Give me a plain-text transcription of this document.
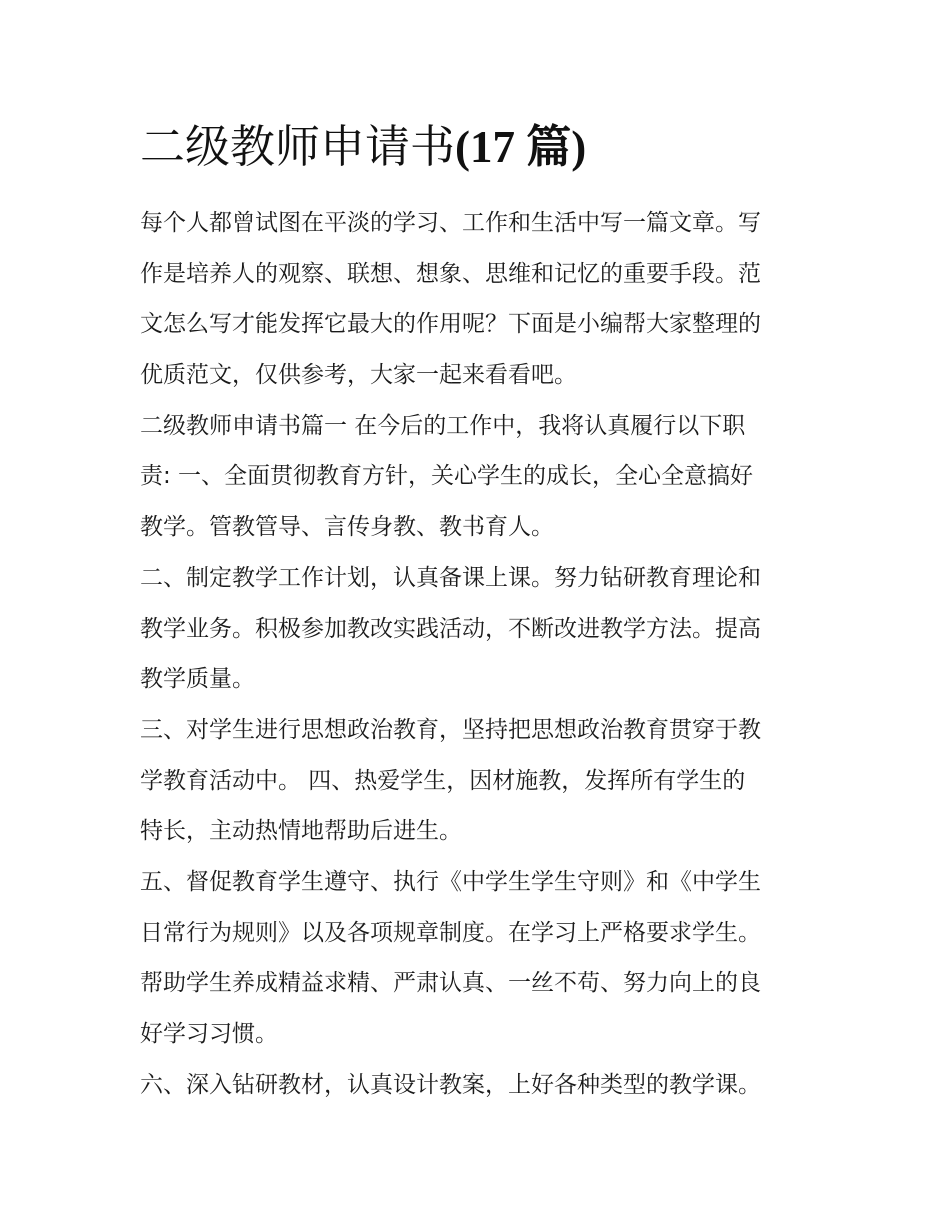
二级教师申请书(17 篇)

每个人都曾试图在平淡的学习、工作和生活中写一篇文章。写

作是培养人的观察、联想、想象、思维和记忆的重要手段。范

文怎么写才能发挥它最大的作用呢？下面是小编帮大家整理的

优质范文，仅供参考，大家一起来看看吧。

二级教师申请书篇一 在今后的工作中，我将认真履行以下职

责: 一、全面贯彻教育方针，关心学生的成长，全心全意搞好

教学。管教管导、言传身教、教书育人。

二、制定教学工作计划，认真备课上课。努力钻研教育理论和

教学业务。积极参加教改实践活动，不断改进教学方法。提高

教学质量。

三、对学生进行思想政治教育，坚持把思想政治教育贯穿于教

学教育活动中。 四、热爱学生，因材施教，发挥所有学生的

特长，主动热情地帮助后进生。

五、督促教育学生遵守、执行《中学生学生守则》和《中学生

日常行为规则》以及各项规章制度。在学习上严格要求学生。

帮助学生养成精益求精、严肃认真、一丝不苟、努力向上的良

好学习习惯。

六、深入钻研教材，认真设计教案，上好各种类型的教学课。
